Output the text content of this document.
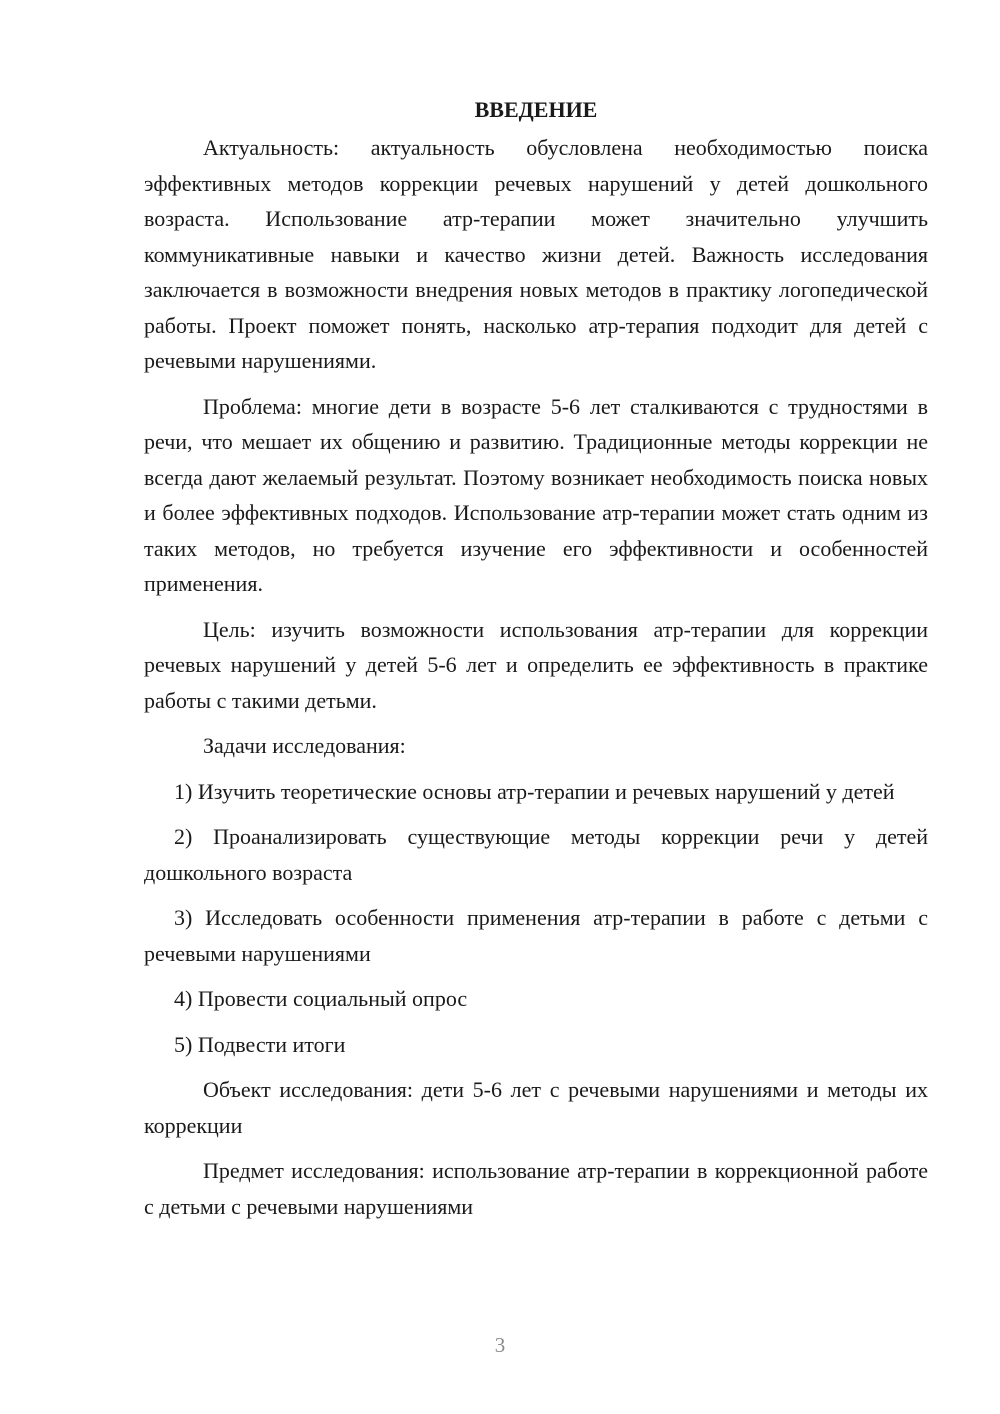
ВВЕДЕНИЕ

Актуальность: актуальность обусловлена необходимостью поиска эффективных методов коррекции речевых нарушений у детей дошкольного возраста. Использование атр-терапии может значительно улучшить коммуникативные навыки и качество жизни детей. Важность исследования заключается в возможности внедрения новых методов в практику логопедической работы. Проект поможет понять, насколько атр-терапия подходит для детей с речевыми нарушениями.

Проблема: многие дети в возрасте 5-6 лет сталкиваются с трудностями в речи, что мешает их общению и развитию. Традиционные методы коррекции не всегда дают желаемый результат. Поэтому возникает необходимость поиска новых и более эффективных подходов. Использование атр-терапии может стать одним из таких методов, но требуется изучение его эффективности и особенностей применения.

Цель: изучить возможности использования атр-терапии для коррекции речевых нарушений у детей 5-6 лет и определить ее эффективность в практике работы с такими детьми.

Задачи исследования:

1) Изучить теоретические основы атр-терапии и речевых нарушений у детей

2) Проанализировать существующие методы коррекции речи у детей дошкольного возраста

3) Исследовать особенности применения атр-терапии в работе с детьми с речевыми нарушениями

4) Провести социальный опрос

5) Подвести итоги

Объект исследования: дети 5-6 лет с речевыми нарушениями и методы их коррекции

Предмет исследования: использование атр-терапии в коррекционной работе с детьми с речевыми нарушениями

3
